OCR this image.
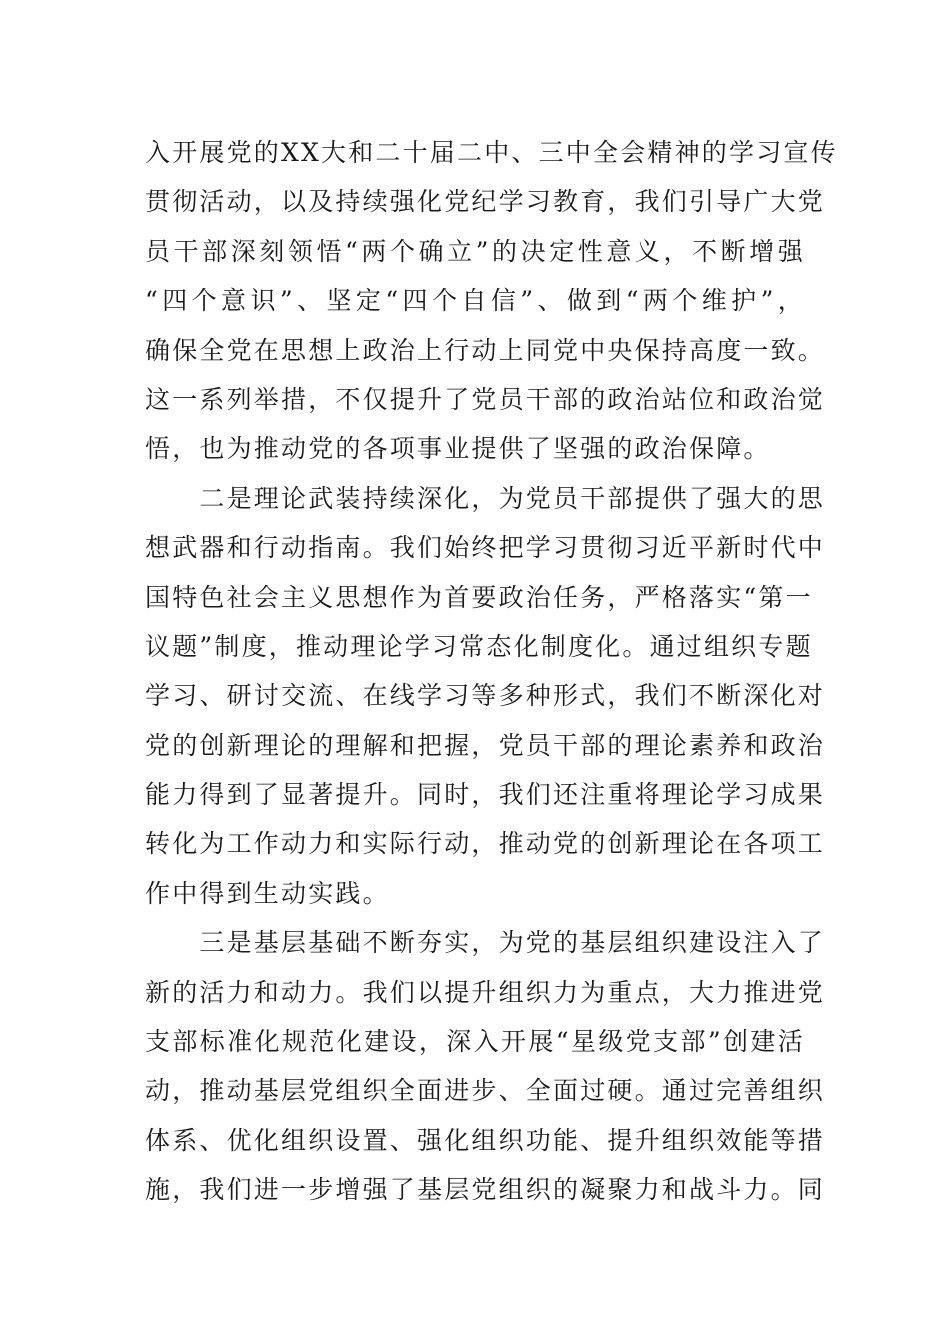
入开展党的XX大和二十届二中、三中全会精神的学习宣传
贯彻活动，以及持续强化党纪学习教育，我们引导广大党
员干部深刻领悟“两个确立”的决定性意义，不断增强
“四个意识”、坚定“四个自信”、做到“两个维护”，
确保全党在思想上政治上行动上同党中央保持高度一致。
这一系列举措，不仅提升了党员干部的政治站位和政治觉
悟，也为推动党的各项事业提供了坚强的政治保障。
　　二是理论武装持续深化，为党员干部提供了强大的思
想武器和行动指南。我们始终把学习贯彻习近平新时代中
国特色社会主义思想作为首要政治任务，严格落实“第一
议题”制度，推动理论学习常态化制度化。通过组织专题
学习、研讨交流、在线学习等多种形式，我们不断深化对
党的创新理论的理解和把握，党员干部的理论素养和政治
能力得到了显著提升。同时，我们还注重将理论学习成果
转化为工作动力和实际行动，推动党的创新理论在各项工
作中得到生动实践。
　　三是基层基础不断夯实，为党的基层组织建设注入了
新的活力和动力。我们以提升组织力为重点，大力推进党
支部标准化规范化建设，深入开展“星级党支部”创建活
动，推动基层党组织全面进步、全面过硬。通过完善组织
体系、优化组织设置、强化组织功能、提升组织效能等措
施，我们进一步增强了基层党组织的凝聚力和战斗力。同
